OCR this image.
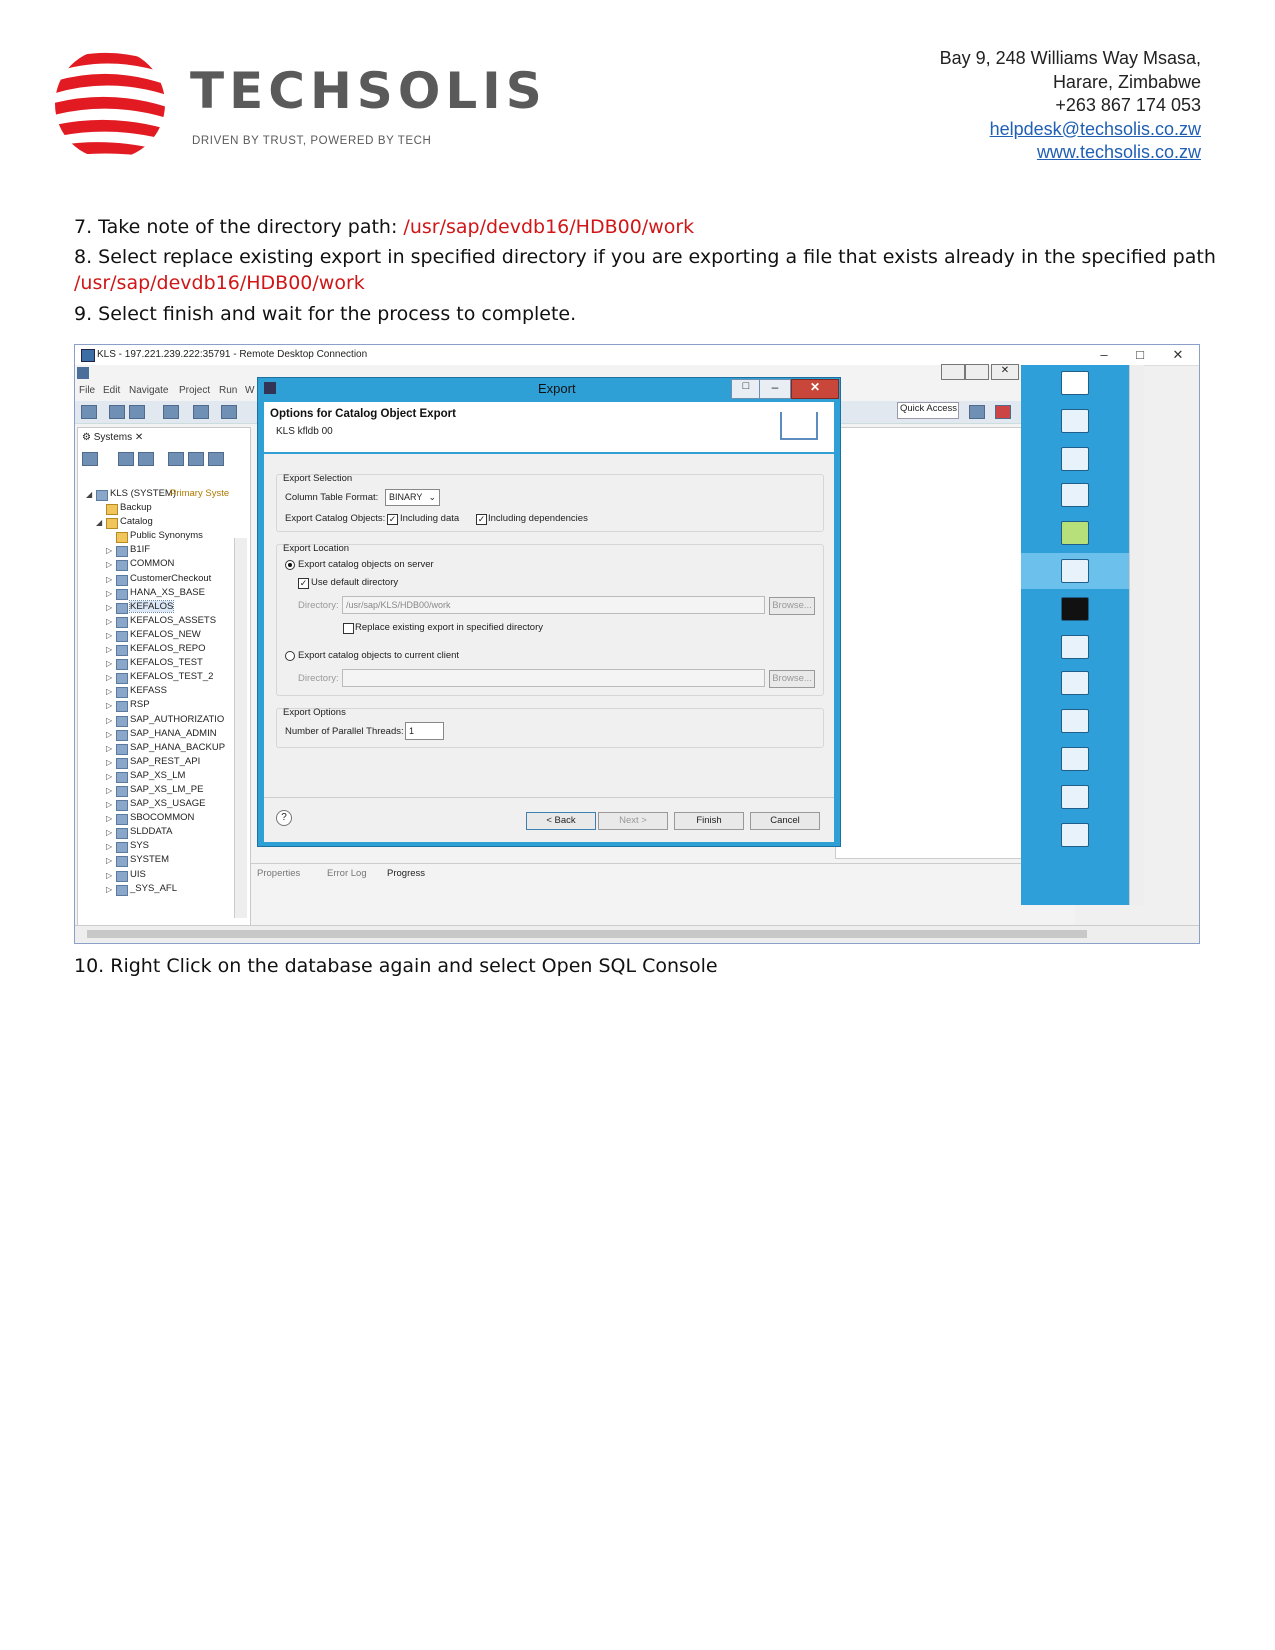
TECHSOLIS
DRIVEN BY TRUST, POWERED BY TECH
Bay 9, 248 Williams Way Msasa,
Harare, Zimbabwe
+263 867 174 053
helpdesk@techsolis.co.zw
www.techsolis.co.zw
7. Take note of the directory path: /usr/sap/devdb16/HDB00/work
8. Select replace existing export in specified directory if you are exporting a file that exists already in the specified path
/usr/sap/devdb16/HDB00/work
9. Select finish and wait for the process to complete.
KLS - 197.221.239.222:35791 - Remote Desktop Connection	–	□	✕
✕
File Edit Navigate Project Run W
Quick Access
⚙ Systems ✕
◢ KLS (SYSTEM)
Primary Syste
Backup
◢ Catalog
Public Synonyms
▷ B1IF
▷ COMMON
▷ CustomerCheckout
▷ HANA_XS_BASE
▷ KEFALOS
▷ KEFALOS_ASSETS
▷ KEFALOS_NEW
▷ KEFALOS_REPO
▷ KEFALOS_TEST
▷ KEFALOS_TEST_2
▷ KEFASS
▷ RSP
▷ SAP_AUTHORIZATIO
▷ SAP_HANA_ADMIN
▷ SAP_HANA_BACKUP
▷ SAP_REST_API
▷ SAP_XS_LM
▷ SAP_XS_LM_PE
▷ SAP_XS_USAGE
▷ SBOCOMMON
▷ SLDDATA
▷ SYS
▷ SYSTEM
▷ UIS
▷ _SYS_AFL
Properties	Error Log Progress
Export	□	–	✕
Options for Catalog Object Export
KLS kfldb 00
Export Selection
Column Table Format:	BINARY ⌄
Export Catalog Objects: ✓ Including data ✓ Including dependencies
Export Location
Export catalog objects on server
✓ Use default directory
Directory: /usr/sap/KLS/HDB00/work	Browse...
Replace existing export in specified directory
Export catalog objects to current client
Directory:	Browse...
Export Options
Number of Parallel Threads: 1
?	< Back	Next >	Finish	Cancel
10. Right Click on the database again and select Open SQL Console
